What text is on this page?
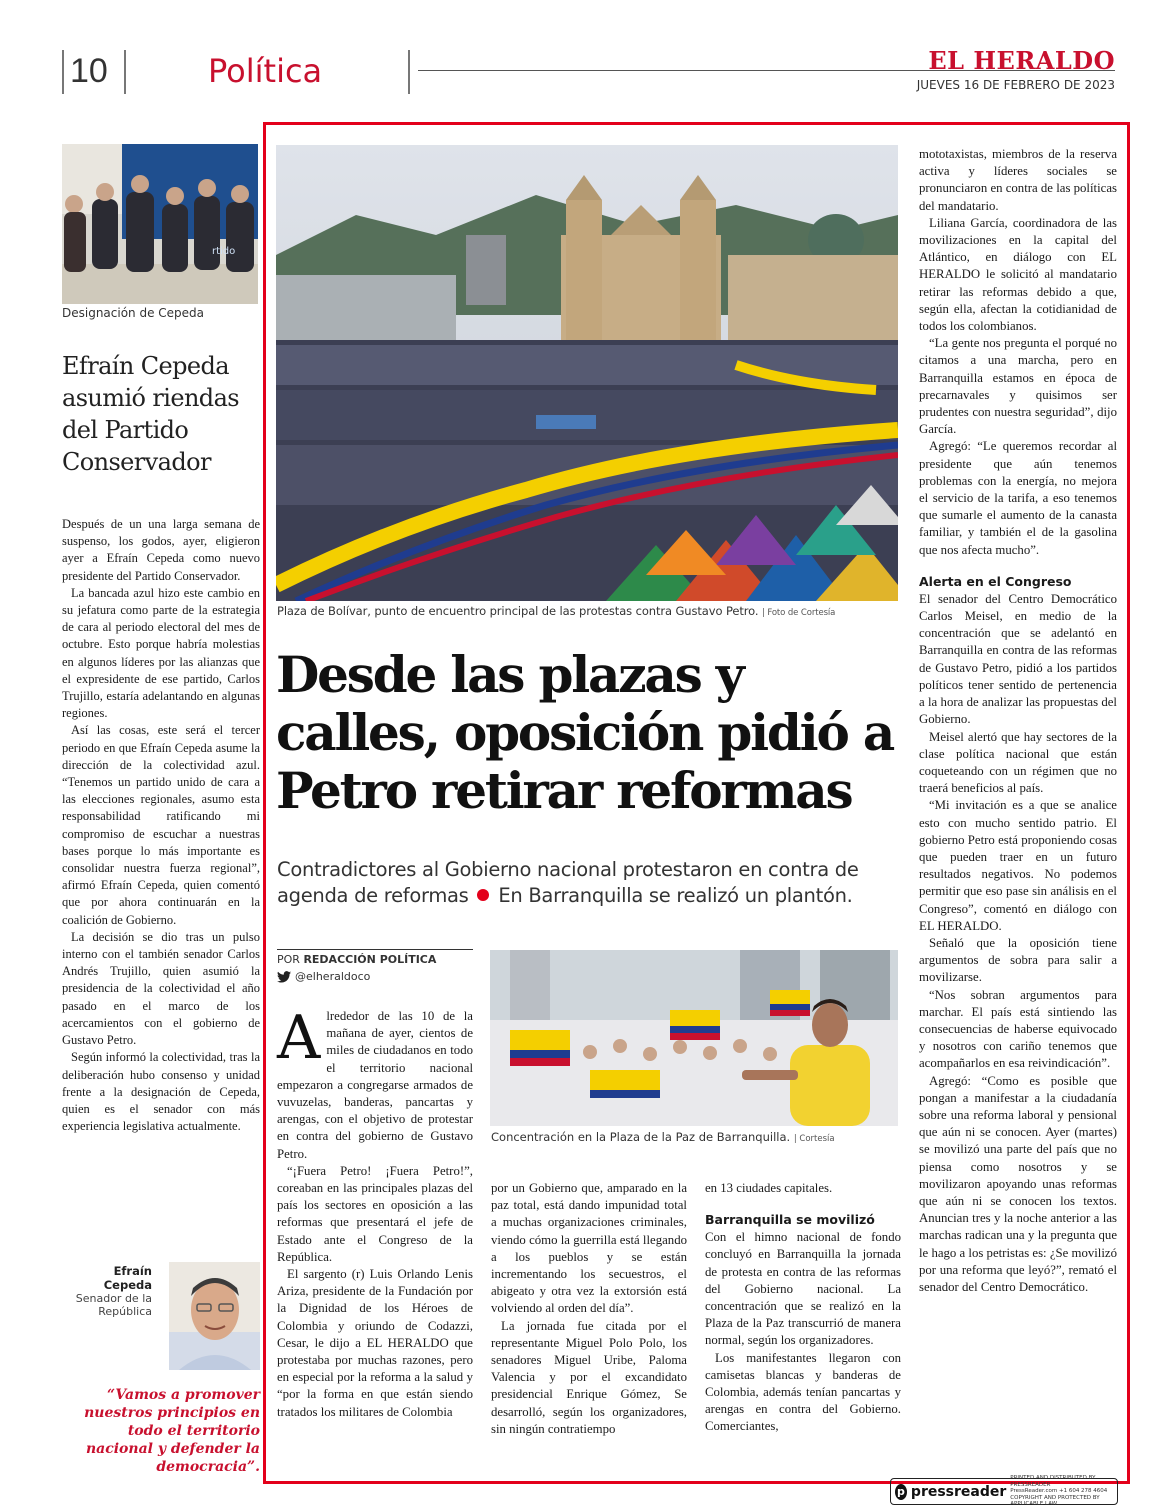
10	Política	EL HERALDO
JUEVES 16 DE FEBRERO DE 2023
rtido
Designación de Cepeda
Efraín Cepeda asumió riendas del Partido Conservador

Después de un una larga semana de suspenso, los godos, ayer, eligieron ayer a Efraín Cepeda como nuevo presidente del Partido Conservador.

La bancada azul hizo este cambio en su jefatura como parte de la estrategia de cara al periodo electoral del mes de octubre. Esto porque habría molestias en algunos líderes por las alianzas que el expresidente de ese partido, Carlos Trujillo, estaría adelantando en algunas regiones.

Así las cosas, este será el tercer periodo en que Efraín Cepeda asume la dirección de la colectividad azul. “Tenemos un partido unido de cara a las elecciones regionales, asumo esta responsabilidad ratificando mi compromiso de escuchar a nuestras bases porque lo más importante es consolidar nuestra fuerza regional”, afirmó Efraín Cepeda, quien comentó que por ahora continuarán en la coalición de Gobierno.

La decisión se dio tras un pulso interno con el también senador Carlos Andrés Trujillo, quien asumió la presidencia de la colectividad el año pasado en el marco de los acercamientos con el gobierno de Gustavo Petro.

Según informó la colectividad, tras la deliberación hubo consenso y unidad frente a la designación de Cepeda, quien es el senador con más experiencia legislativa actualmente.

Efraín Cepeda
Senador de la República
“Vamos a promover nuestros principios en todo el territorio nacional y defender la democracia”.
Plaza de Bolívar, punto de encuentro principal de las protestas contra Gustavo Petro. | Foto de Cortesía
Desde las plazas y calles, oposición pidió a Petro retirar reformas
Contradictores al Gobierno nacional protestaron en contra de agenda de reformas En Barranquilla se realizó un plantón.
POR REDACCIÓN POLÍTICA
@elheraldoco
Concentración en la Plaza de la Paz de Barranquilla. | Cortesía

Alrededor de las 10 de la mañana de ayer, cientos de miles de ciudadanos en todo el territorio nacional empezaron a congregarse armados de vuvuzelas, banderas, pancartas y arengas, con el objetivo de protestar en contra del gobierno de Gustavo Petro.

“¡Fuera Petro! ¡Fuera Petro!”, coreaban en las principales plazas del país los sectores en oposición a las reformas que presentará el jefe de Estado ante el Congreso de la República.

El sargento (r) Luis Orlando Lenis Ariza, presidente de la Fundación por la Dignidad de los Héroes de Colombia y oriundo de Codazzi, Cesar, le dijo a EL HERALDO que protestaba por muchas razones, pero en especial por la reforma a la salud y “por la forma en que están siendo tratados los militares de Colombia

por un Gobierno que, amparado en la paz total, está dando impunidad total a muchas organizaciones criminales, viendo cómo la guerrilla está llegando a los pueblos y se están incrementando los secuestros, el abigeato y otra vez la extorsión está volviendo al orden del día”.

La jornada fue citada por el representante Miguel Polo Polo, los senadores Miguel Uribe, Paloma Valencia y por el excandidato presidencial Enrique Gómez, Se desarrolló, según los organizadores, sin ningún contratiempo

en 13 ciudades capitales.

Barranquilla se movilizó

Con el himno nacional de fondo concluyó en Barranquilla la jornada de protesta en contra de las reformas del Gobierno nacional. La concentración que se realizó en la Plaza de la Paz transcurrió de manera normal, según los organizadores.

Los manifestantes llegaron con camisetas blancas y banderas de Colombia, además tenían pancartas y arengas en contra del Gobierno. Comerciantes,

mototaxistas, miembros de la reserva activa y líderes sociales se pronunciaron en contra de las políticas del mandatario.

Liliana García, coordinadora de las movilizaciones en la capital del Atlántico, en diálogo con EL HERALDO le solicitó al mandatario retirar las reformas debido a que, según ella, afectan la cotidianidad de todos los colombianos.

“La gente nos pregunta el porqué no citamos a una marcha, pero en Barranquilla estamos en época de precarnavales y quisimos ser prudentes con nuestra seguridad”, dijo García.

Agregó: “Le queremos recordar al presidente que aún tenemos problemas con la energía, no mejora el servicio de la tarifa, a eso tenemos que sumarle el aumento de la canasta familiar, y también el de la gasolina que nos afecta mucho”.

Alerta en el Congreso

El senador del Centro Democrático Carlos Meisel, en medio de la concentración que se adelantó en Barranquilla en contra de las reformas de Gustavo Petro, pidió a los partidos políticos tener sentido de pertenencia a la hora de analizar las propuestas del Gobierno.

Meisel alertó que hay sectores de la clase política nacional que están coqueteando con un régimen que no traerá beneficios al país.

“Mi invitación es a que se analice esto con mucho sentido patrio. El gobierno Petro está proponiendo cosas que pueden traer en un futuro resultados negativos. No podemos permitir que eso pase sin análisis en el Congreso”, comentó en diálogo con EL HERALDO.

Señaló que la oposición tiene argumentos de sobra para salir a movilizarse.

“Nos sobran argumentos para marchar. El país está sintiendo las consecuencias de haberse equivocado y nosotros con cariño tenemos que acompañarlos en esa reivindicación”.

Agregó: “Como es posible que pongan a manifestar a la ciudadanía sobre una reforma laboral y pensional que aún ni se conocen. Ayer (martes) se movilizó una parte del país que no piensa como nosotros y se movilizaron apoyando unas reformas que aún ni se conocen los textos. Anuncian tres y la noche anterior a las marchas radican una y la pregunta que le hago a los petristas es: ¿Se movilizó por una reforma que leyó?”, remató el senador del Centro Democrático.

p pressreader
PRINTED AND DISTRIBUTED BY PRESSREADER
PressReader.com +1 604 278 4604
COPYRIGHT AND PROTECTED BY APPLICABLE LAW
